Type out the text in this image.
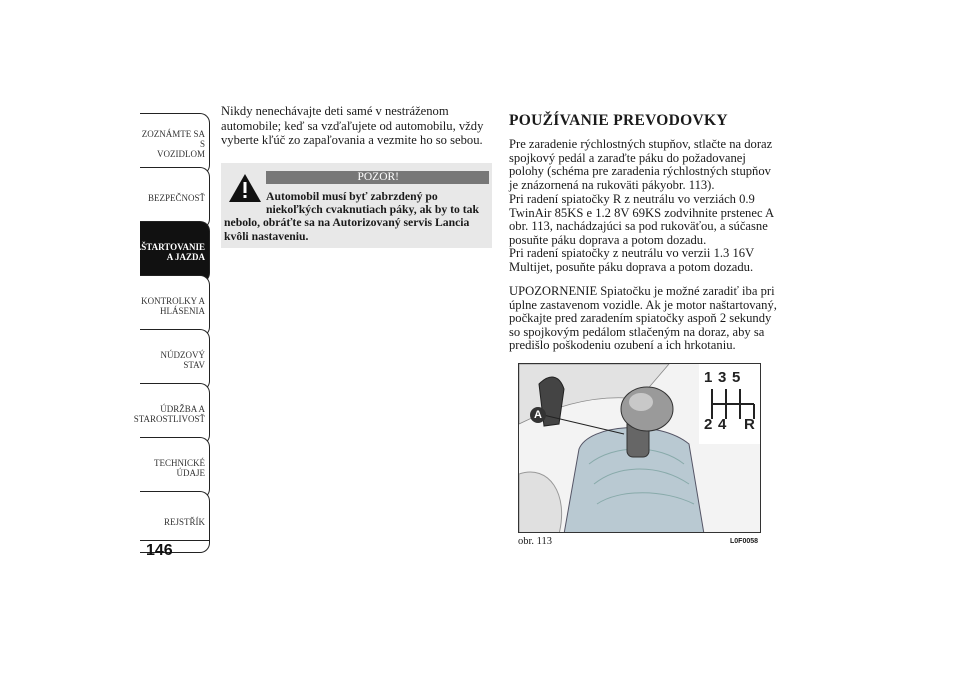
ZOZNÁMTE SA S
VOZIDLOM
BEZPEČNOSŤ
NAŠTARTOVANIE
A JAZDA
KONTROLKY A
HLÁSENIA
NÚDZOVÝ STAV
ÚDRŽBA A
STAROSTLIVOSŤ
TECHNICKÉ
ÚDAJE
REJSTŘÍK
146
Nikdy nenechávajte deti samé v nestráženom automobile; keď sa vzďaľujete od automobilu, vždy vyberte kľúč zo zapaľovania a vezmite ho so sebou.
POZOR!
Automobil musí byť zabrzdený po
niekoľkých cvaknutiach páky, ak by to tak nebolo, obráťte sa na Autorizovaný servis Lancia kvôli nastaveniu.
POUŽÍVANIE PREVODOVKY
Pre zaradenie rýchlostných stupňov, stlačte na doraz spojkový pedál a zaraďte páku do požadovanej polohy (schéma pre zaradenia rýchlostných stupňov je znázornená na rukoväti pákyobr. 113).
Pri radení spiatočky R z neutrálu vo verziách 0.9 TwinAir 85KS e 1.2 8V 69KS zodvihnite prstenec A obr. 113, nachádzajúci sa pod rukoväťou, a súčasne posuňte páku doprava a potom dozadu.
Pri radení spiatočky z neutrálu vo verzii 1.3 16V Multijet, posuňte páku doprava a potom dozadu.
UPOZORNENIE Spiatočku je možné zaradiť iba pri úplne zastavenom vozidle. Ak je motor naštartovaný, počkajte pred zaradením spiatočky aspoň 2 sekundy so spojkovým pedálom stlačeným na doraz, aby sa predišlo poškodeniu ozubení a ich hrkotaniu.
1 3 5
2 4 R
A
obr. 113	L0F0058
